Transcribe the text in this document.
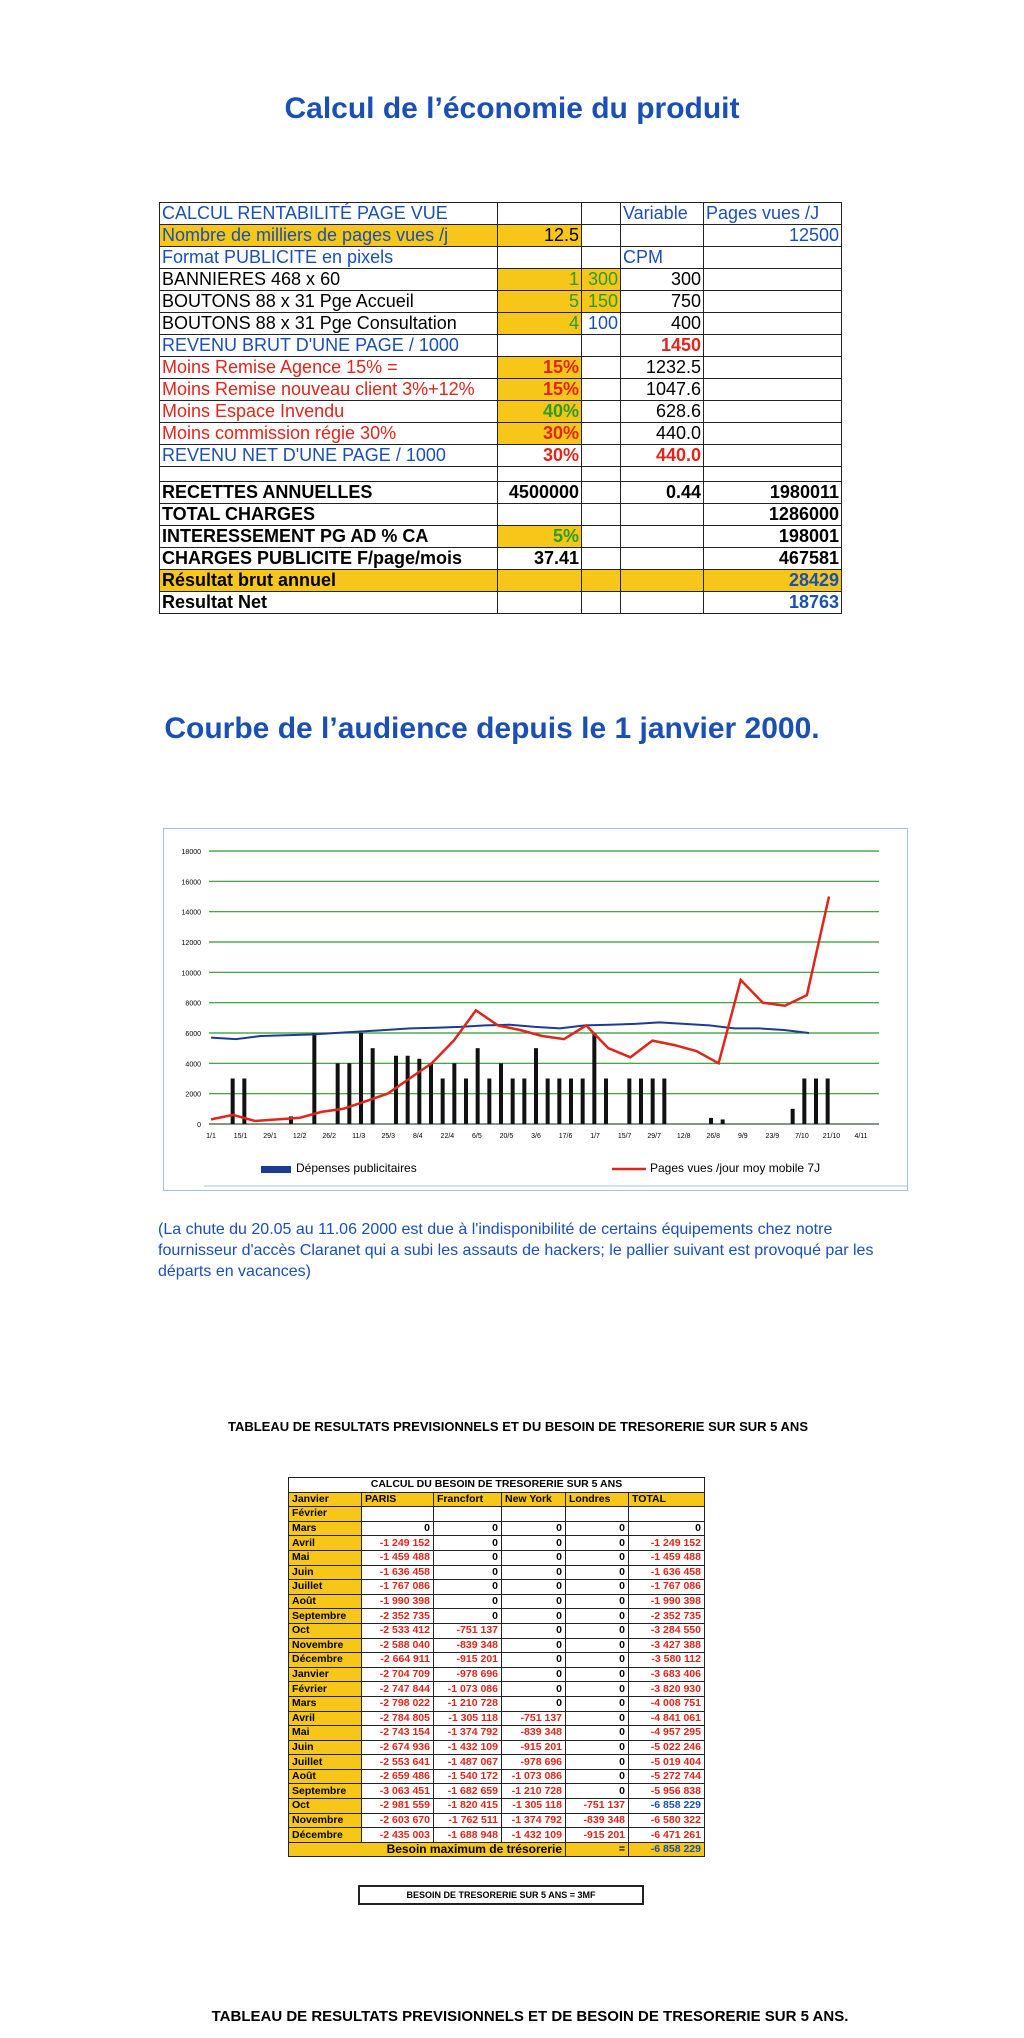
Calcul de l’économie du produit
CALCUL RENTABILITÉ PAGE VUE			Variable	Pages vues /J
Nombre de milliers de pages vues /j	12.5			12500
Format PUBLICITE en pixels			CPM	
BANNIERES 468 x 60	1	300	300	
BOUTONS 88 x 31 Pge Accueil	5	150	750	
BOUTONS 88 x 31 Pge Consultation	4	100	400	
REVENU BRUT D'UNE PAGE / 1000			1450	
Moins Remise Agence 15% =	15%		1232.5	
Moins Remise nouveau client 3%+12%	15%		1047.6	
Moins Espace Invendu	40%		628.6	
Moins commission régie 30%	30%		440.0	
REVENU NET D'UNE PAGE / 1000	30%		440.0	

RECETTES ANNUELLES	4500000		0.44	1980011
TOTAL CHARGES				1286000
INTERESSEMENT PG AD % CA	5%			198001
CHARGES PUBLICITE F/page/mois	37.41			467581
Résultat brut annuel				28429
Resultat Net				18763
Courbe de l’audience depuis le 1 janvier 2000.
0
2000
4000
6000
8000
10000
12000
14000
16000
18000
1/1	15/1 29/1 12/2 26/2 11/3 25/3	8/4	22/4	6/5	20/5	3/6	17/6	1/7	15/7 29/7 12/8 26/8	9/9	23/9 7/10 21/10 4/11
Dépenses publicitaires	Pages vues /jour moy mobile 7J
(La chute du 20.05 au 11.06 2000 est due à l'indisponibilité de certains équipements chez notre fournisseur d'accès Claranet qui a subi les assauts de hackers; le pallier suivant est provoqué par les départs en vacances)
TABLEAU DE RESULTATS PREVISIONNELS ET DU BESOIN DE TRESORERIE SUR SUR 5 ANS
CALCUL DU BESOIN DE TRESORERIE SUR 5 ANS					
Janvier	PARIS	Francfort	New York	Londres	TOTAL
Février					
Mars	0	0	0	0	0
Avril	-1 249 152	0	0	0	-1 249 152
Mai	-1 459 488	0	0	0	-1 459 488
Juin	-1 636 458	0	0	0	-1 636 458
Juillet	-1 767 086	0	0	0	-1 767 086
Août	-1 990 398	0	0	0	-1 990 398
Septembre	-2 352 735	0	0	0	-2 352 735
Oct	-2 533 412	-751 137	0	0	-3 284 550
Novembre	-2 588 040	-839 348	0	0	-3 427 388
Décembre	-2 664 911	-915 201	0	0	-3 580 112
Janvier	-2 704 709	-978 696	0	0	-3 683 406
Février	-2 747 844	-1 073 086	0	0	-3 820 930
Mars	-2 798 022	-1 210 728	0	0	-4 008 751
Avril	-2 784 805	-1 305 118	-751 137	0	-4 841 061
Mai	-2 743 154	-1 374 792	-839 348	0	-4 957 295
Juin	-2 674 936	-1 432 109	-915 201	0	-5 022 246
Juillet	-2 553 641	-1 487 067	-978 696	0	-5 019 404
Août	-2 659 486	-1 540 172	-1 073 086	0	-5 272 744
Septembre	-3 063 451	-1 682 659	-1 210 728	0	-5 956 838
Oct	-2 981 559	-1 820 415	-1 305 118	-751 137	-6 858 229
Novembre	-2 603 670	-1 762 511	-1 374 792	-839 348	-6 580 322
Décembre	-2 435 003	-1 688 948	-1 432 109	-915 201	-6 471 261
Besoin maximum de trésorerie				=	-6 858 229
BESOIN DE TRESORERIE SUR 5 ANS = 3MF
TABLEAU DE RESULTATS PREVISIONNELS ET DE BESOIN DE TRESORERIE SUR 5 ANS.
